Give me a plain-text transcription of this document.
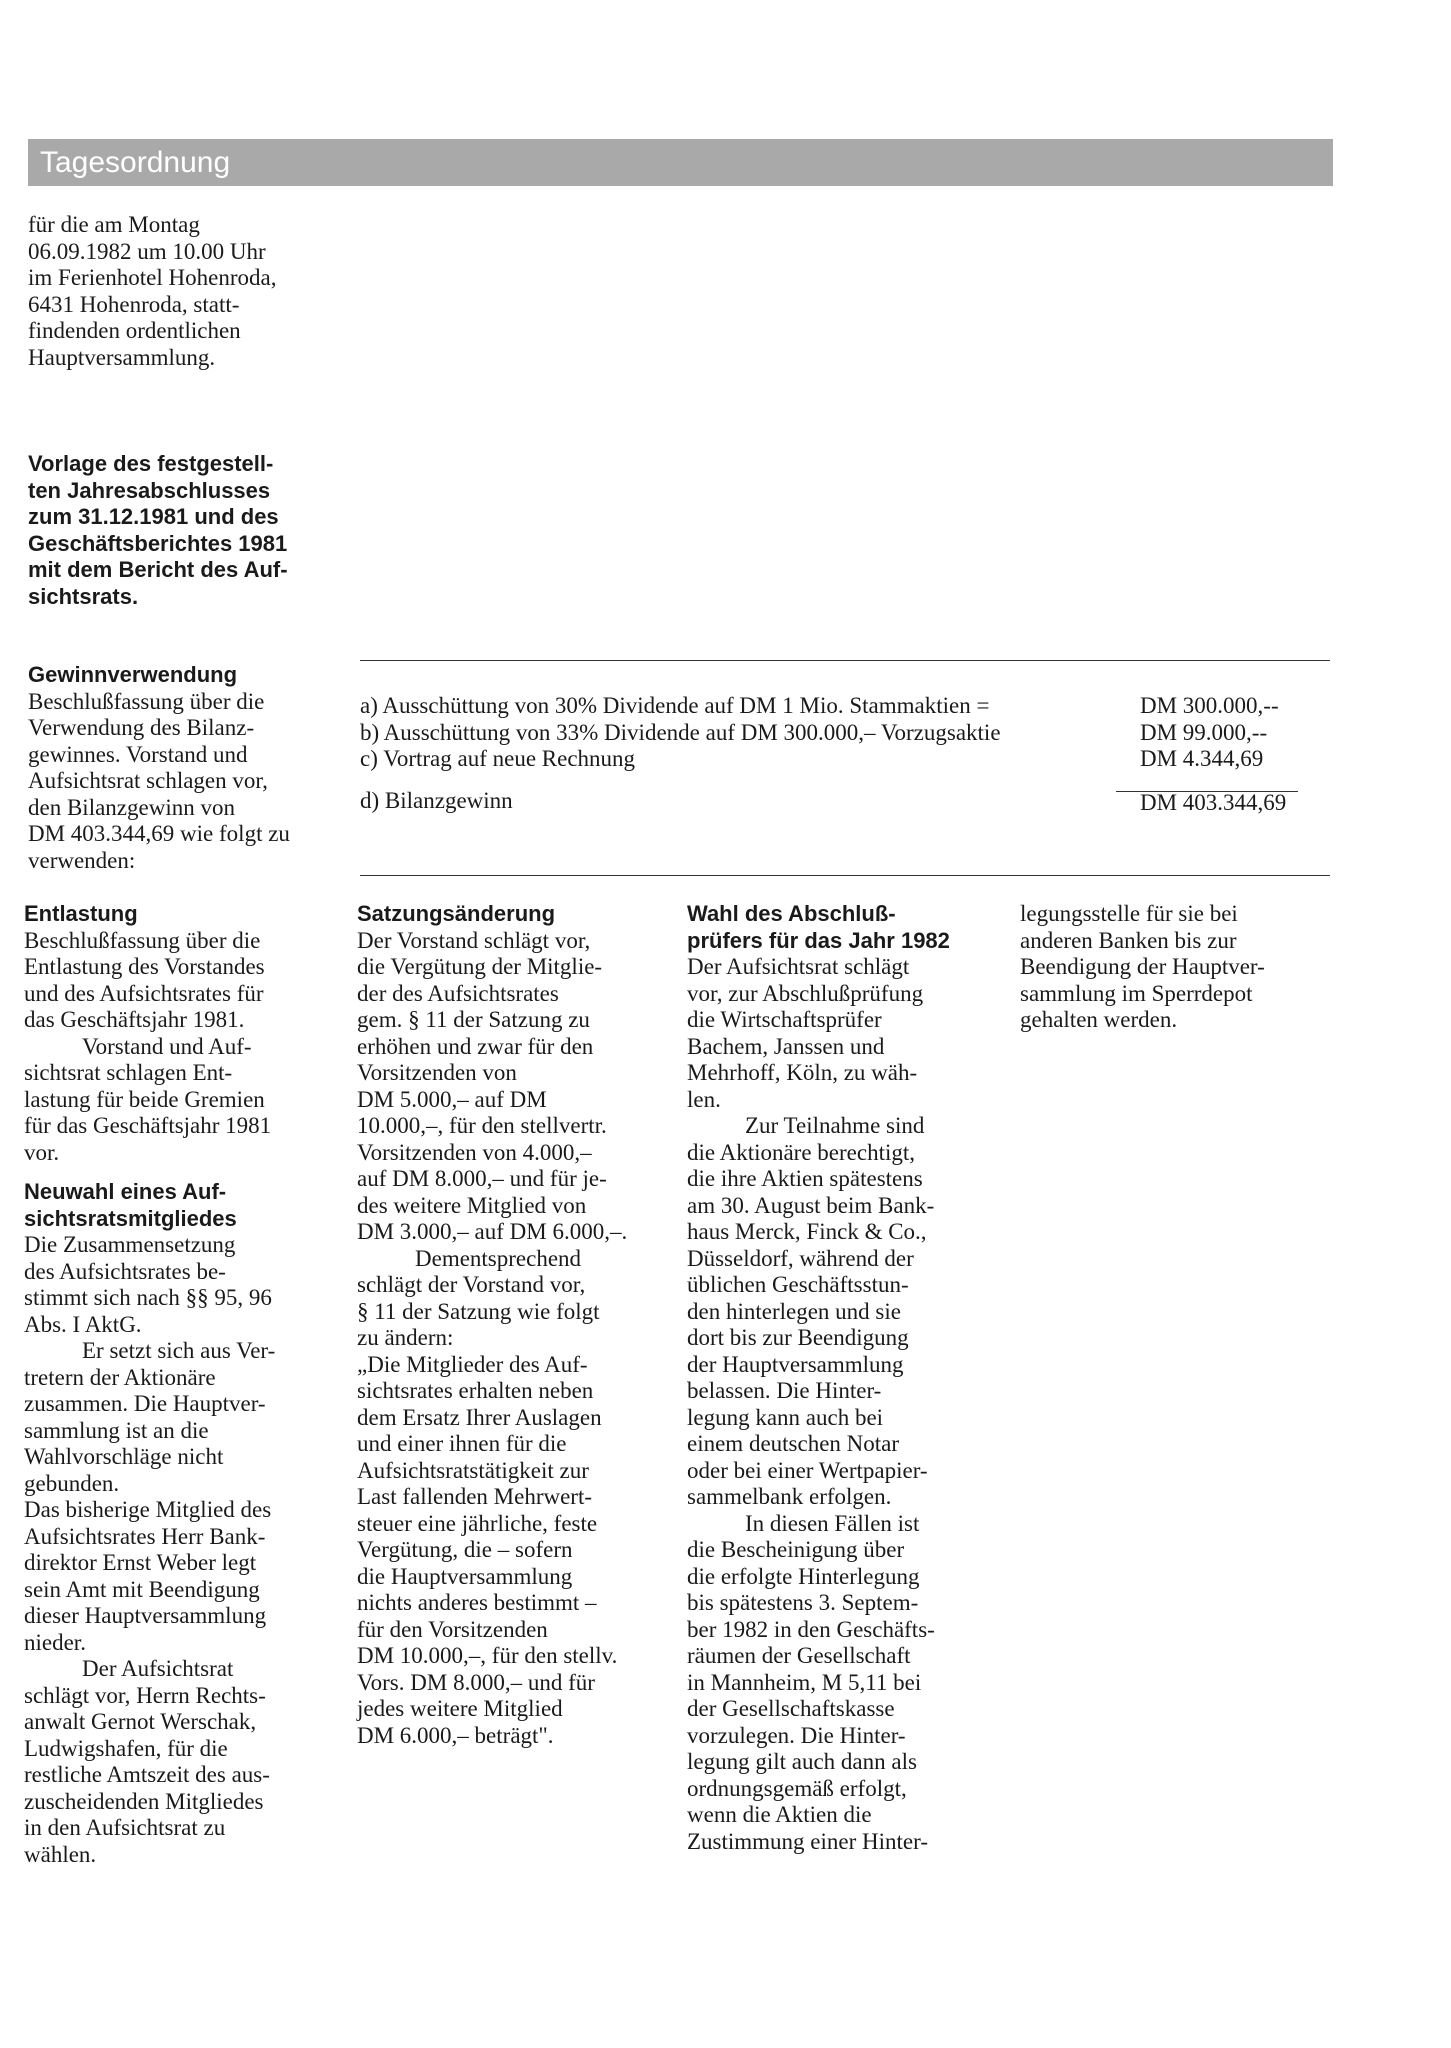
Tagesordnung
für die am Montag
06.09.1982 um 10.00 Uhr
im Ferienhotel Hohenroda,
6431 Hohenroda, statt-
findenden ordentlichen
Hauptversammlung.
Vorlage des festgestell-
ten Jahresabschlusses
zum 31.12.1981 und des
Geschäftsberichtes 1981
mit dem Bericht des Auf-
sichtsrats.
Gewinnverwendung
Beschlußfassung über die
Verwendung des Bilanz-
gewinnes. Vorstand und
Aufsichtsrat schlagen vor,
den Bilanzgewinn von
DM 403.344,69 wie folgt zu
verwenden:
a) Ausschüttung von 30% Dividende auf DM 1 Mio. Stammaktien =	DM 300.000,--
b) Ausschüttung von 33% Dividende auf DM 300.000,– Vorzugsaktie	DM 99.000,--
c) Vortrag auf neue Rechnung	DM 4.344,69
d) Bilanzgewinn	DM 403.344,69
Entlastung
Beschlußfassung über die
Entlastung des Vorstandes
und des Aufsichtsrates für
das Geschäftsjahr 1981.
Vorstand und Auf-
sichtsrat schlagen Ent-
lastung für beide Gremien
für das Geschäftsjahr 1981
vor.
Neuwahl eines Auf-
sichtsratsmitgliedes
Die Zusammensetzung
des Aufsichtsrates be-
stimmt sich nach §§ 95, 96
Abs. I AktG.
Er setzt sich aus Ver-
tretern der Aktionäre
zusammen. Die Hauptver-
sammlung ist an die
Wahlvorschläge nicht
gebunden.
Das bisherige Mitglied des
Aufsichtsrates Herr Bank-
direktor Ernst Weber legt
sein Amt mit Beendigung
dieser Hauptversammlung
nieder.
Der Aufsichtsrat
schlägt vor, Herrn Rechts-
anwalt Gernot Werschak,
Ludwigshafen, für die
restliche Amtszeit des aus-
zuscheidenden Mitgliedes
in den Aufsichtsrat zu
wählen.
Satzungsänderung
Der Vorstand schlägt vor,
die Vergütung der Mitglie-
der des Aufsichtsrates
gem. § 11 der Satzung zu
erhöhen und zwar für den
Vorsitzenden von
DM 5.000,– auf DM
10.000,–, für den stellvertr.
Vorsitzenden von 4.000,–
auf DM 8.000,– und für je-
des weitere Mitglied von
DM 3.000,– auf DM 6.000,–.
Dementsprechend
schlägt der Vorstand vor,
§ 11 der Satzung wie folgt
zu ändern:
„Die Mitglieder des Auf-
sichtsrates erhalten neben
dem Ersatz Ihrer Auslagen
und einer ihnen für die
Aufsichtsratstätigkeit zur
Last fallenden Mehrwert-
steuer eine jährliche, feste
Vergütung, die – sofern
die Hauptversammlung
nichts anderes bestimmt –
für den Vorsitzenden
DM 10.000,–, für den stellv.
Vors. DM 8.000,– und für
jedes weitere Mitglied
DM 6.000,– beträgt".
Wahl des Abschluß-
prüfers für das Jahr 1982
Der Aufsichtsrat schlägt
vor, zur Abschlußprüfung
die Wirtschaftsprüfer
Bachem, Janssen und
Mehrhoff, Köln, zu wäh-
len.
Zur Teilnahme sind
die Aktionäre berechtigt,
die ihre Aktien spätestens
am 30. August beim Bank-
haus Merck, Finck & Co.,
Düsseldorf, während der
üblichen Geschäftsstun-
den hinterlegen und sie
dort bis zur Beendigung
der Hauptversammlung
belassen. Die Hinter-
legung kann auch bei
einem deutschen Notar
oder bei einer Wertpapier-
sammelbank erfolgen.
In diesen Fällen ist
die Bescheinigung über
die erfolgte Hinterlegung
bis spätestens 3. Septem-
ber 1982 in den Geschäfts-
räumen der Gesellschaft
in Mannheim, M 5,11 bei
der Gesellschaftskasse
vorzulegen. Die Hinter-
legung gilt auch dann als
ordnungsgemäß erfolgt,
wenn die Aktien die
Zustimmung einer Hinter-
legungsstelle für sie bei
anderen Banken bis zur
Beendigung der Hauptver-
sammlung im Sperrdepot
gehalten werden.
